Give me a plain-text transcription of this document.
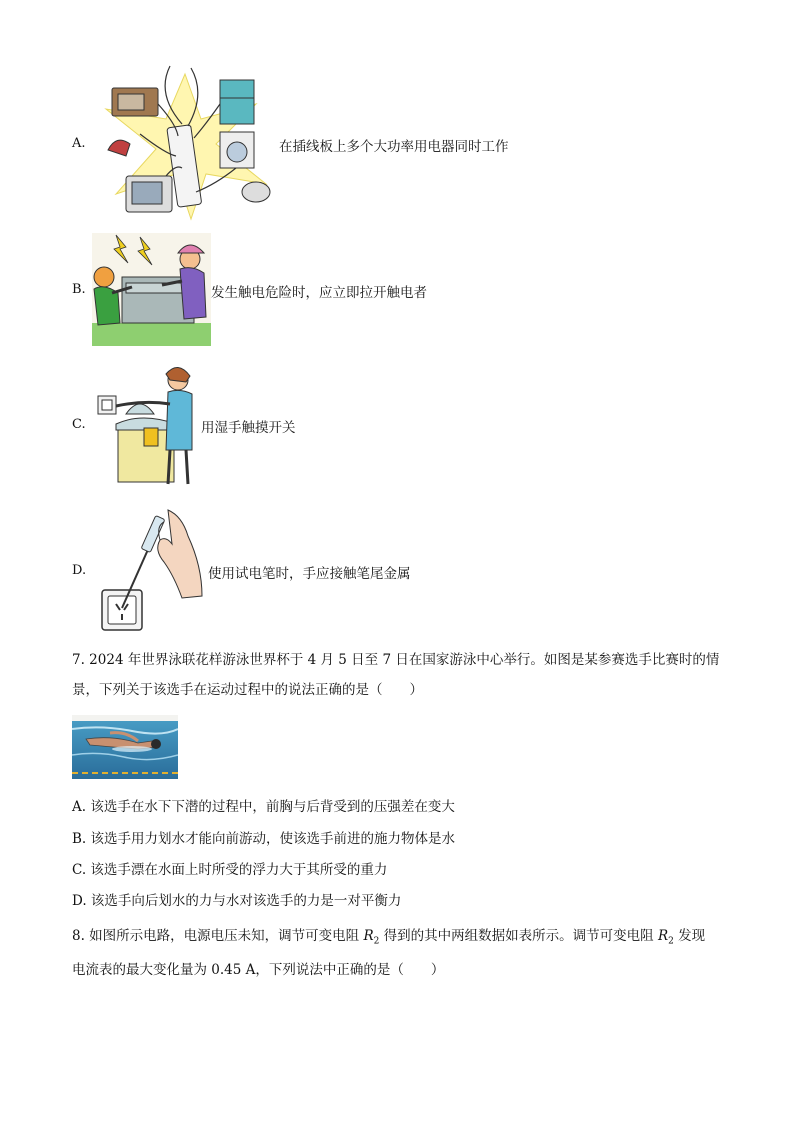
A.	在插线板上多个大功率用电器同时工作
B.	发生触电危险时，应立即拉开触电者
C.	用湿手触摸开关
D.	使用试电笔时，手应接触笔尾金属
7. 2024 年世界泳联花样游泳世界杯于 4 月 5 日至 7 日在国家游泳中心举行。如图是某参赛选手比赛时的情
景，下列关于该选手在运动过程中的说法正确的是（　　）
A. 该选手在水下下潜的过程中，前胸与后背受到的压强差在变大
B. 该选手用力划水才能向前游动，使该选手前进的施力物体是水
C. 该选手漂在水面上时所受的浮力大于其所受的重力
D. 该选手向后划水的力与水对该选手的力是一对平衡力
8. 如图所示电路，电源电压未知，调节可变电阻 $R_2$ 得到的其中两组数据如表所示。调节可变电阻 $R_2$ 发现
电流表的最大变化量为 0.45 A，下列说法中正确的是（　　）
